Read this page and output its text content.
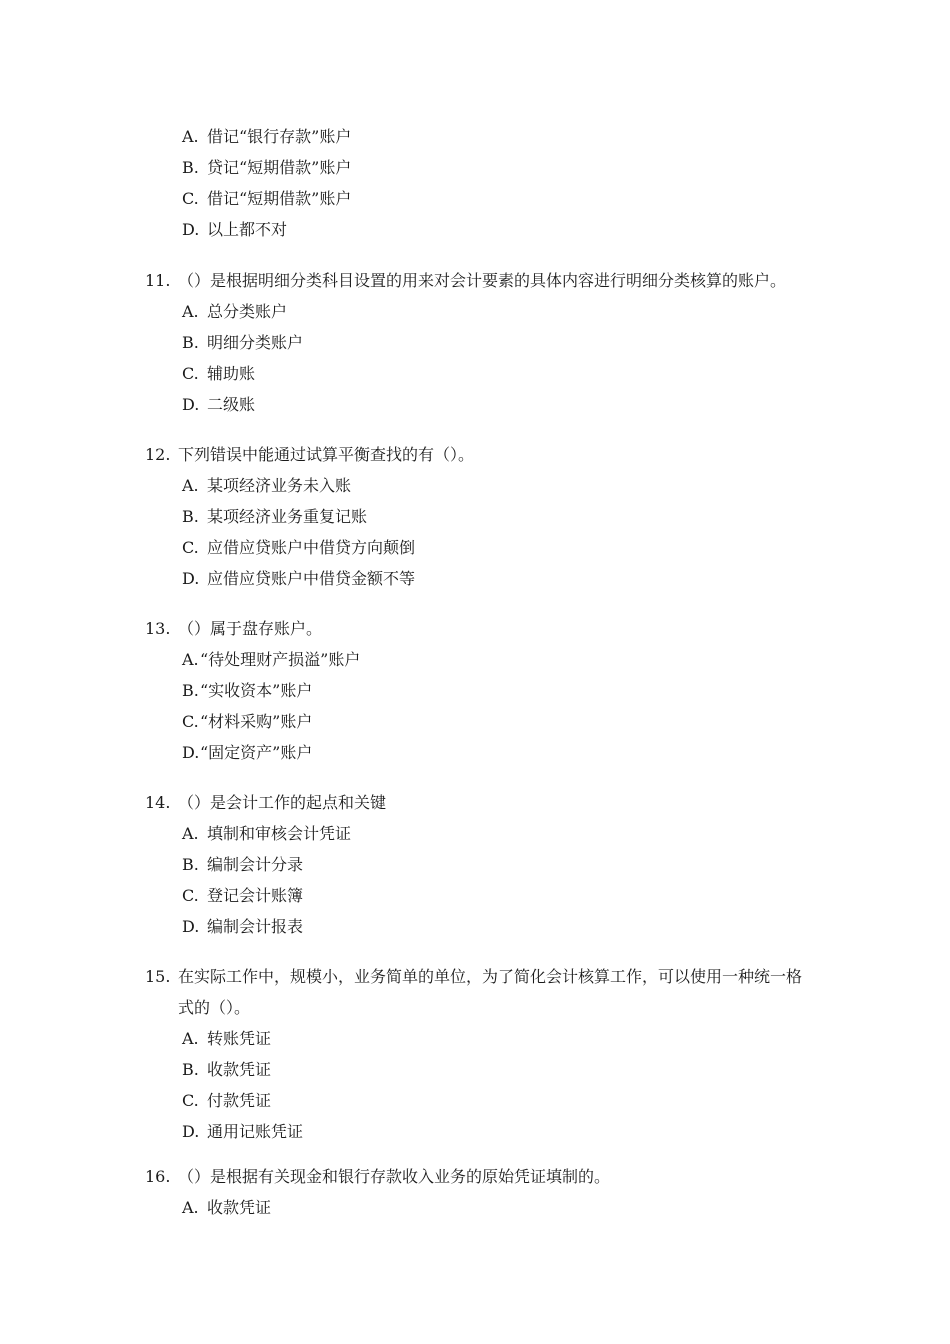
A. 借记“银行存款”账户
B. 贷记“短期借款”账户
C. 借记“短期借款”账户
D. 以上都不对
11. （）是根据明细分类科目设置的用来对会计要素的具体内容进行明细分类核算的账户。
A. 总分类账户
B. 明细分类账户
C. 辅助账
D. 二级账
12. 下列错误中能通过试算平衡查找的有（）。
A. 某项经济业务未入账
B. 某项经济业务重复记账
C. 应借应贷账户中借贷方向颠倒
D. 应借应贷账户中借贷金额不等
13. （）属于盘存账户。
A. “待处理财产损溢”账户
B. “实收资本”账户
C. “材料采购”账户
D. “固定资产”账户
14. （）是会计工作的起点和关键
A. 填制和审核会计凭证
B. 编制会计分录
C. 登记会计账簿
D. 编制会计报表
15. 在实际工作中，规模小，业务简单的单位，为了简化会计核算工作，可以使用一种统一格式的（）。
A. 转账凭证
B. 收款凭证
C. 付款凭证
D. 通用记账凭证
16. （）是根据有关现金和银行存款收入业务的原始凭证填制的。
A. 收款凭证
